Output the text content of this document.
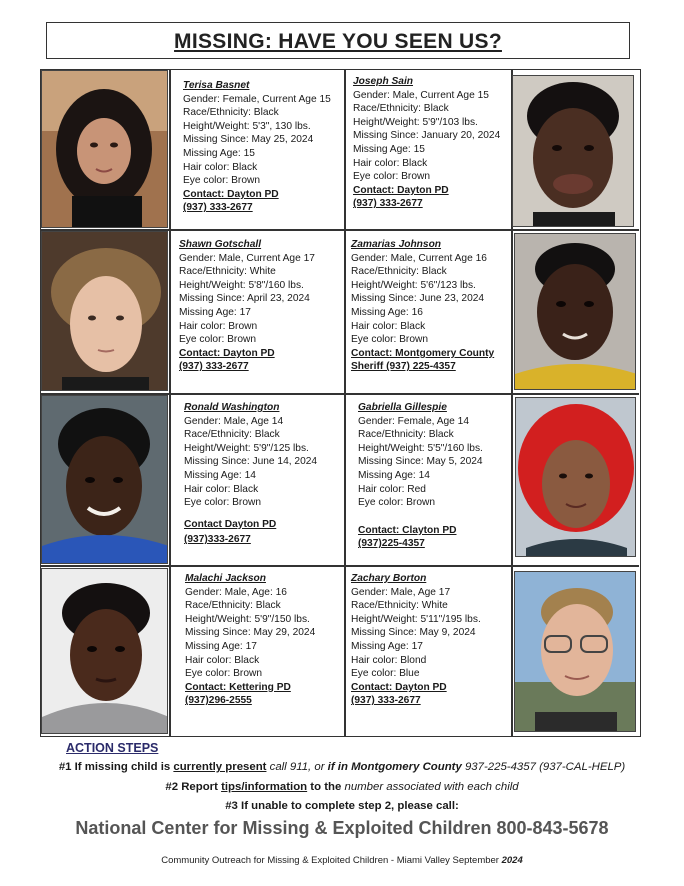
MISSING: HAVE YOU SEEN US?
Terisa Basnet
Gender: Female, Current Age 15
Race/Ethnicity: Black
Height/Weight: 5'3", 130 lbs.
Missing Since: May 25, 2024
Missing Age: 15
Hair color: Black
Eye color: Brown
Contact: Dayton PD
(937) 333-2677
Joseph Sain
Gender: Male, Current Age 15
Race/Ethnicity: Black
Height/Weight: 5'9"/103 lbs.
Missing Since: January 20, 2024
Missing Age: 15
Hair color: Black
Eye color: Brown
Contact: Dayton PD
(937) 333-2677
Shawn Gotschall
Gender: Male, Current Age 17
Race/Ethnicity: White
Height/Weight: 5'8"/160 lbs.
Missing Since: April 23, 2024
Missing Age: 17
Hair color: Brown
Eye color: Brown
Contact: Dayton PD
(937) 333-2677
Zamarias Johnson
Gender: Male, Current Age 16
Race/Ethnicity: Black
Height/Weight: 5'6"/123 lbs.
Missing Since: June 23, 2024
Missing Age: 16
Hair color: Black
Eye color: Brown
Contact: Montgomery County
Sheriff (937) 225-4357
Ronald Washington
Gender: Male, Age 14
Race/Ethnicity: Black
Height/Weight: 5'9"/125 lbs.
Missing Since: June 14, 2024
Missing Age: 14
Hair color: Black
Eye color: Brown
Contact Dayton PD
(937)333-2677
Gabriella Gillespie
Gender: Female, Age 14
Race/Ethnicity: Black
Height/Weight: 5'5"/160 lbs.
Missing Since: May 5, 2024
Missing Age: 14
Hair color: Red
Eye color: Brown
Contact: Clayton PD
(937)225-4357
Malachi Jackson
Gender: Male, Age: 16
Race/Ethnicity: Black
Height/Weight: 5'9"/150 lbs.
Missing Since: May 29, 2024
Missing Age: 17
Hair color: Black
Eye color: Brown
Contact: Kettering PD
(937)296-2555
Zachary Borton
Gender: Male, Age 17
Race/Ethnicity: White
Height/Weight: 5'11"/195 lbs.
Missing Since: May 9, 2024
Missing Age: 17
Hair color: Blond
Eye color: Blue
Contact: Dayton PD
(937) 333-2677
ACTION STEPS
#1 If missing child is currently present call 911, or if in Montgomery County 937-225-4357 (937-CAL-HELP)
#2 Report tips/information to the number associated with each child
#3 If unable to complete step 2, please call:
National Center for Missing & Exploited Children 800-843-5678
Community Outreach for Missing & Exploited Children - Miami Valley September 2024
